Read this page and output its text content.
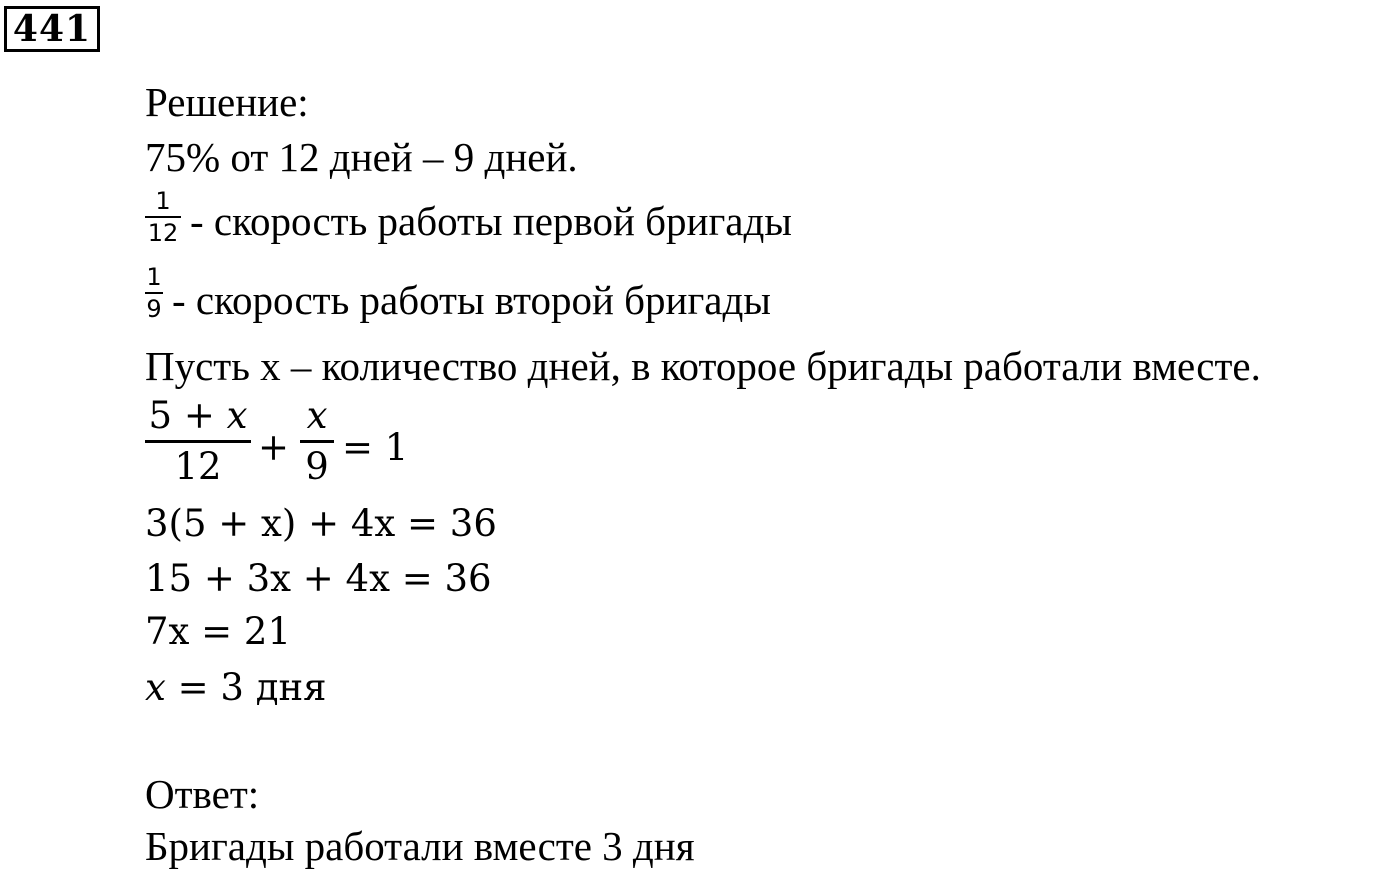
441
Решение:
75% от 12 дней – 9 дней.
1
12 - скорость работы первой бригады
1
9 - скорость работы второй бригады
Пусть x – количество дней, в которое бригады работали вместе.
5 + x
12 +
x
9 = 1
3(5 + x) + 4x = 36
15 + 3x + 4x = 36
7x = 21
x = 3 дня
Ответ:
Бригады работали вместе 3 дня
